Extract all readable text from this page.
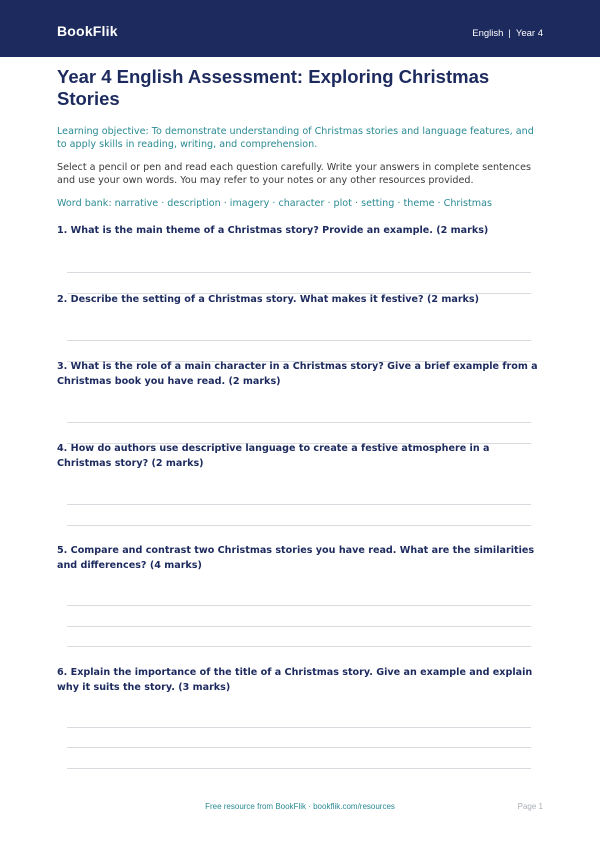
BookFlik	English | Year 4
Year 4 English Assessment: Exploring Christmas Stories

Learning objective: To demonstrate understanding of Christmas stories and language features, and to apply skills in reading, writing, and comprehension.

Select a pencil or pen and read each question carefully. Write your answers in complete sentences and use your own words. You may refer to your notes or any other resources provided.

Word bank: narrative · description · imagery · character · plot · setting · theme · Christmas

1. What is the main theme of a Christmas story? Provide an example. (2 marks)
2. Describe the setting of a Christmas story. What makes it festive? (2 marks)
3. What is the role of a main character in a Christmas story? Give a brief example from a Christmas book you have read. (2 marks)
4. How do authors use descriptive language to create a festive atmosphere in a Christmas story? (2 marks)
5. Compare and contrast two Christmas stories you have read. What are the similarities and differences? (4 marks)
6. Explain the importance of the title of a Christmas story. Give an example and explain why it suits the story. (3 marks)
Free resource from BookFlik · bookflik.com/resources	Page 1
